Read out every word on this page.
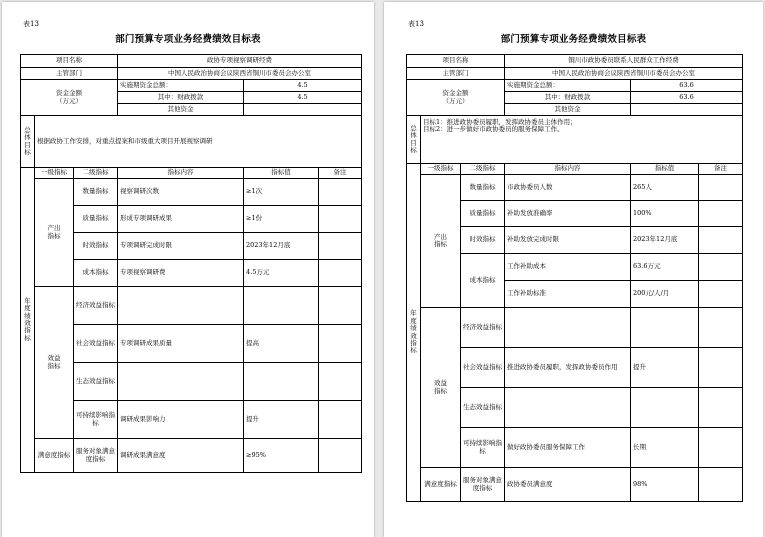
表13
部门预算专项业务经费绩效目标表
项目名称			政协专项视察调研经费		
主管部门			中国人民政治协商会议陕西省铜川市委员会办公室		
资金金额
（万元）			实施期资金总额：	4.5	
			其中：财政拨款	4.5	
			其他资金		
总体目标	根据政协工作安排，对重点提案和市级重大项目开展视察调研				
年度绩效指标	一级指标	二级指标	指标内容	指标值	备注
	产出指标	数量指标	视察调研次数	≥1次	
		质量指标	形成专项调研成果	≥1份	
		时效指标	专项调研完成时限	2023年12月底	
		成本指标	专项视察调研费	4.5万元	
	效益指标	经济效益指标			
		社会效益指标	专项调研成果质量	提高	
		生态效益指标			
		可持续影响指标	调研成果影响力	提升	
	满意度指标	服务对象满意度指标	调研成果满意度	≥95%	
表13
部门预算专项业务经费绩效目标表
项目名称			铜川市政协委员联系人民群众工作经费		
主管部门			中国人民政治协商会议陕西省铜川市委员会办公室		
资金金额
（万元）			实施期资金总额：	63.6	
			其中：财政拨款	63.6	
			其他资金		
总体目标	目标1：推进政协委员履职，发挥政协委员主体作用；
目标2：进一步做好市政协委员的服务保障工作。				
年度绩效指标	一级指标	二级指标	指标内容	指标值	备注
	产出指标	数量指标	市政协委员人数	265人	
		质量指标	补助发放准确率	100%	
		时效指标	补助发放完成时限	2023年12月底	
		成本指标	工作补助成本	63.6万元	
			工作补助标准	200元/人/月	
	效益指标	经济效益指标			
		社会效益指标	推进政协委员履职，发挥政协委员作用	提升	
		生态效益指标			
		可持续影响指标	做好政协委员服务保障工作	长期	
	满意度指标	服务对象满意度指标	政协委员满意度	98%	
